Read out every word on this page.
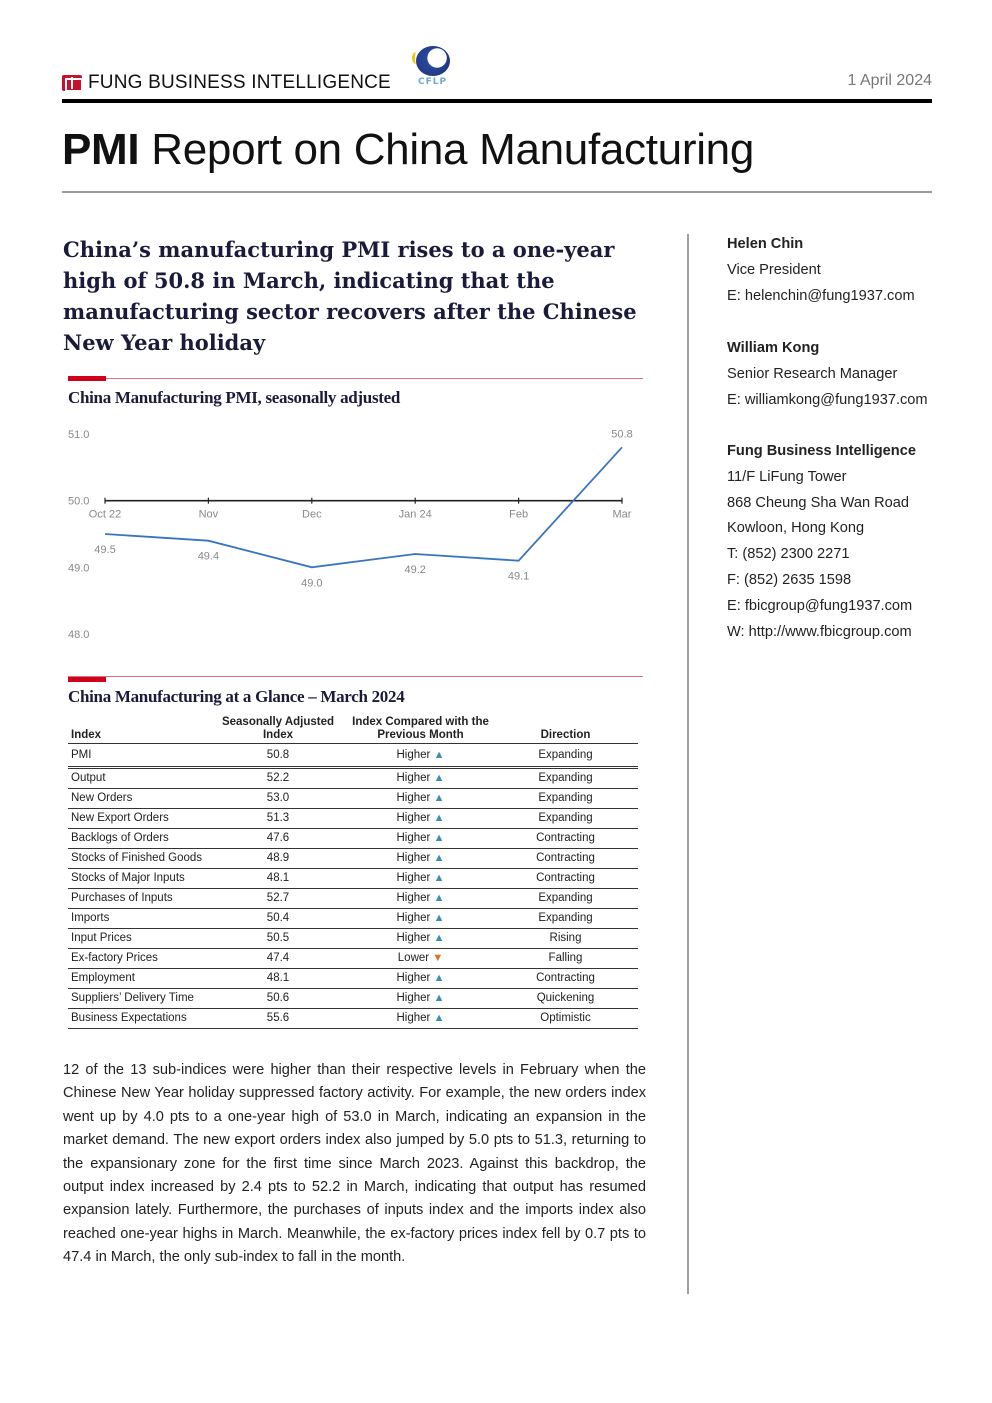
FUNG BUSINESS INTELLIGENCE	CFLP	1 April 2024
PMI Report on China Manufacturing
China’s manufacturing PMI rises to a one-year high of 50.8 in March, indicating that the manufacturing sector recovers after the Chinese New Year holiday
China Manufacturing PMI, seasonally adjusted
51.0
50.0
49.0
48.0
Oct 22	Nov	Dec	Jan 24	Feb	Mar
49.5
49.4
49.0
49.2
49.1
50.8
China Manufacturing at a Glance – March 2024
Index	Seasonally Adjusted Index	Index Compared with the Previous Month	Direction
PMI	50.8	Higher ▲	Expanding
Output	52.2	Higher ▲	Expanding
New Orders	53.0	Higher ▲	Expanding
New Export Orders	51.3	Higher ▲	Expanding
Backlogs of Orders	47.6	Higher ▲	Contracting
Stocks of Finished Goods	48.9	Higher ▲	Contracting
Stocks of Major Inputs	48.1	Higher ▲	Contracting
Purchases of Inputs	52.7	Higher ▲	Expanding
Imports	50.4	Higher ▲	Expanding
Input Prices	50.5	Higher ▲	Rising
Ex-factory Prices	47.4	Lower ▼	Falling
Employment	48.1	Higher ▲	Contracting
Suppliers’ Delivery Time	50.6	Higher ▲	Quickening
Business Expectations	55.6	Higher ▲	Optimistic
12 of the 13 sub-indices were higher than their respective levels in February when the Chinese New Year holiday suppressed factory activity. For example, the new orders index went up by 4.0 pts to a one-year high of 53.0 in March, indicating an expansion in the market demand. The new export orders index also jumped by 5.0 pts to 51.3, returning to the expansionary zone for the first time since March 2023. Against this backdrop, the output index increased by 2.4 pts to 52.2 in March, indicating that output has resumed expansion lately. Furthermore, the purchases of inputs index and the imports index also reached one-year highs in March. Meanwhile, the ex-factory prices index fell by 0.7 pts to 47.4 in March, the only sub-index to fall in the month.
Helen Chin
Vice President
E: helenchin@fung1937.com
William Kong
Senior Research Manager
E: williamkong@fung1937.com
Fung Business Intelligence
11/F LiFung Tower
868 Cheung Sha Wan Road
Kowloon, Hong Kong
T: (852) 2300 2271
F: (852) 2635 1598
E: fbicgroup@fung1937.com
W: http://www.fbicgroup.com
